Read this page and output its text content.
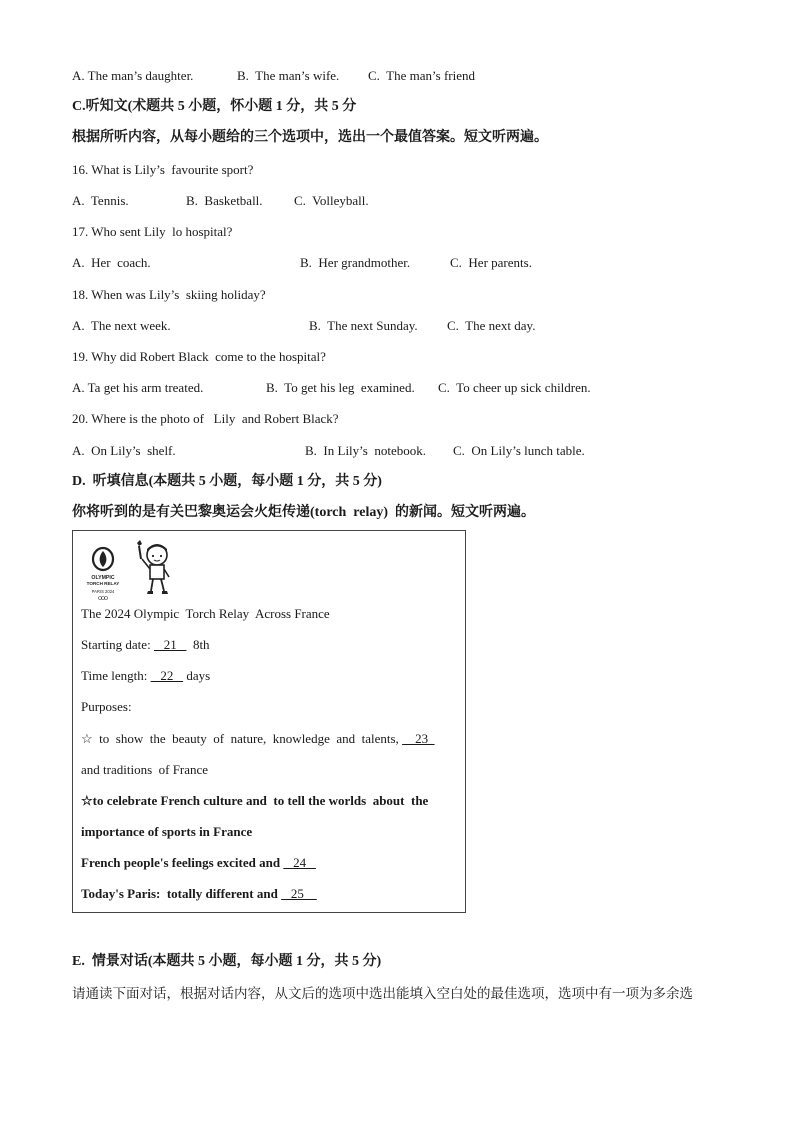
A. The man’s daughter.	B.  The man’s wife. C.  The man’s friend
C.听知文(术题共 5 小题，怀小题 1 分，共 5 分
根据所听内容，从每小题给的三个选项中，选出一个最值答案。短文听两遍。
16. What is Lily’s  favourite sport?
A.  Tennis.	B.  Basketball. C.  Volleyball.
17. Who sent Lily  lo hospital?
A.  Her  coach.	B.  Her grandmother.	C.  Her parents.
18. When was Lily’s  skiing holiday?
A.  The next week.	B.  The next Sunday. C.  The next day.
19. Why did Robert Black  come to the hospital?
A. Ta get his arm treated.	B.  To get his leg  examined. C.  To cheer up sick children.
20. Where is the photo of   Lily  and Robert Black?
A.  On Lily’s  shelf.	B.  In Lily’s  notebook. C.  On Lily’s lunch table.
D.  听填信息(本题共 5 小题，每小题 1 分，共 5 分)
你将听到的是有关巴黎奥运会火炬传递(torch  relay)  的新闻。短文听两遍。
OLYMPIC
TORCH RELAY
PARIS 2024
The 2024 Olympic  Torch Relay  Across France
Starting date:    21     8th
Time length:    22    days
Purposes:
☆  to  show  the  beauty  of  nature,  knowledge  and  talents,     23
and traditions  of France
☆to celebrate French culture and  to tell the worlds  about  the
importance of sports in France
French people's feelings excited and    24
Today's Paris:  totally different and    25
E.  情景对话(本题共 5 小题，每小题 1 分，共 5 分)
请通读下面对话，根据对话内容，从文后的选项中选出能填入空白处的最佳选项，选项中有一项为多余选
